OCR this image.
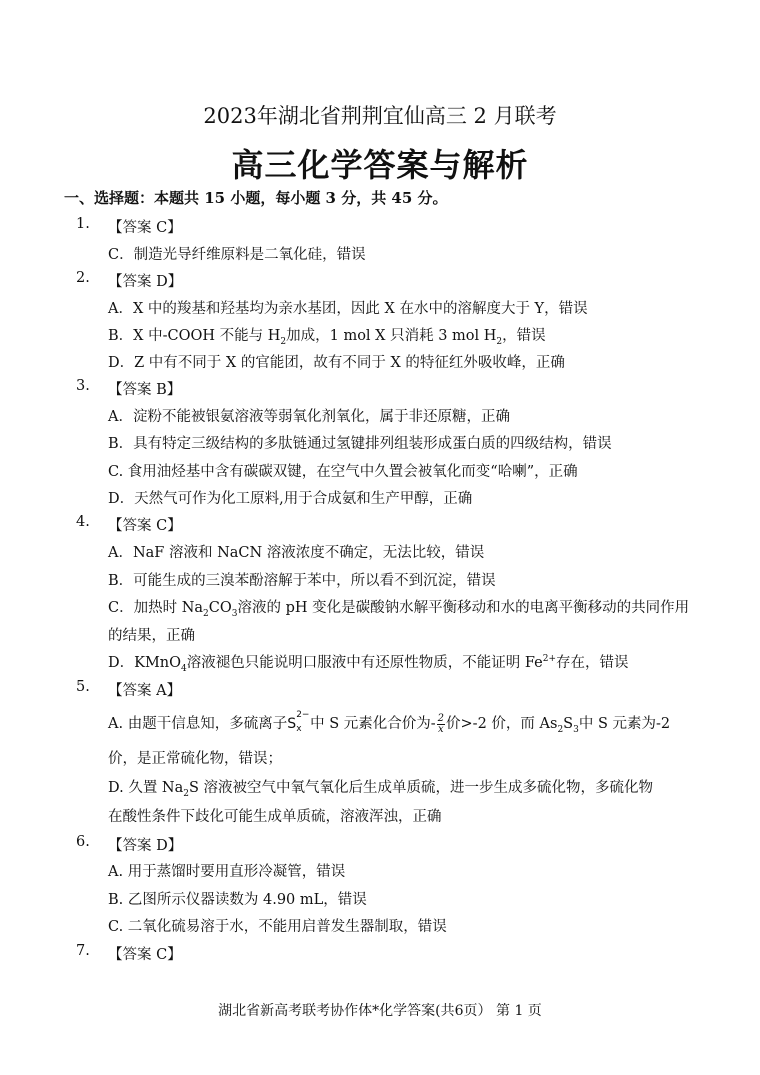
2023年湖北省荆荆宜仙高三 2 月联考
高三化学答案与解析
一、选择题：本题共 15 小题，每小题 3 分，共 45 分。
1. 【答案 C】
C．制造光导纤维原料是二氧化硅，错误
2. 【答案 D】
A．X 中的羧基和羟基均为亲水基团，因此 X 在水中的溶解度大于 Y，错误
B．X 中-COOH 不能与 $H_2$加成，1 mol X 只消耗 3 mol $H_2$，错误
D．Z 中有不同于 X 的官能团，故有不同于 X 的特征红外吸收峰，正确
3. 【答案 B】
A．淀粉不能被银氨溶液等弱氧化剂氧化，属于非还原糖，正确
B．具有特定三级结构的多肽链通过氢键排列组装形成蛋白质的四级结构，错误
C. 食用油烃基中含有碳碳双键，在空气中久置会被氧化而变“哈喇”，正确
D．天然气可作为化工原料,用于合成氨和生产甲醇，正确
4. 【答案 C】
A．NaF 溶液和 NaCN 溶液浓度不确定，无法比较，错误
B．可能生成的三溴苯酚溶解于苯中，所以看不到沉淀，错误
C．加热时 $Na_2CO_3$溶液的 pH 变化是碳酸钠水解平衡移动和水的电离平衡移动的共同作用
的结果，正确
D．KMnO$_4$溶液褪色只能说明口服液中有还原性物质，不能证明 $Fe^{2+}$存在，错误
5. 【答案 A】
A. 由题干信息知，多硫离子S
2−
x 中 S 元素化合价为- $\frac{2}{x}$ 价>-2 价，而 $As_2S_3$中 S 元素为-2
价，是正常硫化物，错误；
D. 久置 $Na_2S$ 溶液被空气中氧气氧化后生成单质硫，进一步生成多硫化物，多硫化物
在酸性条件下歧化可能生成单质硫，溶液浑浊，正确
6. 【答案 D】
A. 用于蒸馏时要用直形冷凝管，错误
B. 乙图所示仪器读数为 4.90 mL，错误
C. 二氧化硫易溶于水，不能用启普发生器制取，错误
7. 【答案 C】
湖北省新高考联考协作体*化学答案(共6页） 第 1 页
